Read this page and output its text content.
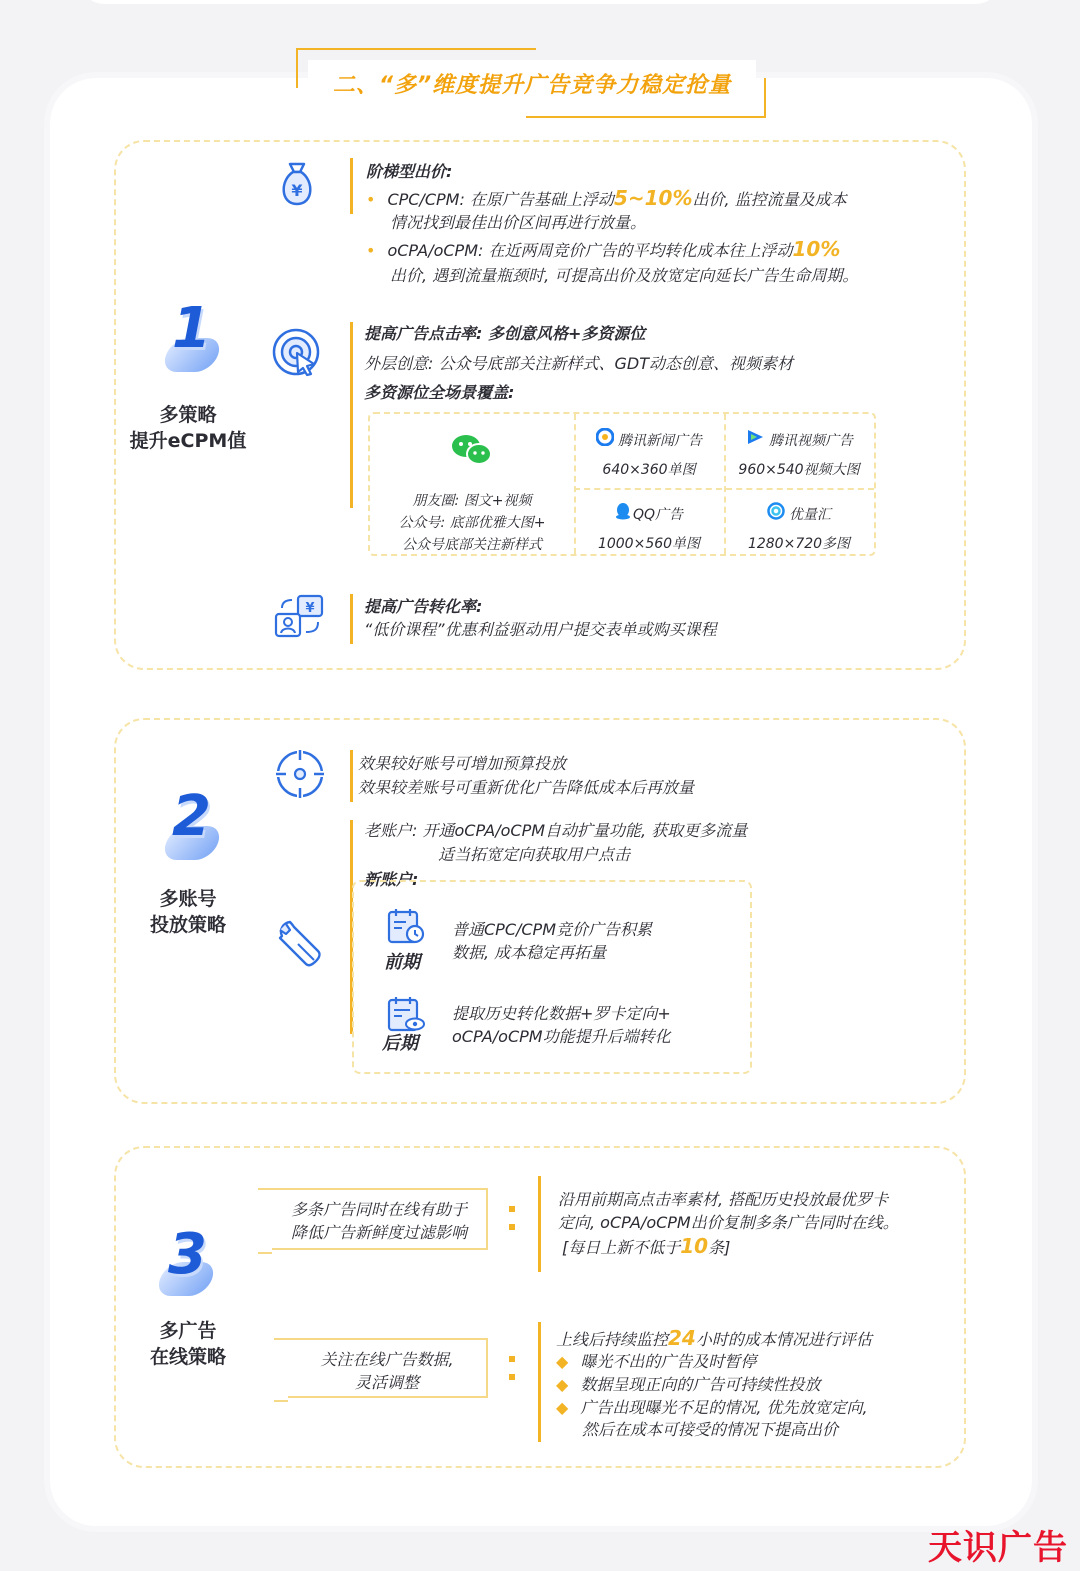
二、“多”维度提升广告竞争力稳定抢量
1
多策略
提升eCPM值
¥
阶梯型出价:
• CPC/CPM: 在原广告基础上浮动5~10%出价, 监控流量及成本
情况找到最佳出价区间再进行放量。
• oCPA/oCPM: 在近两周竞价广告的平均转化成本往上浮动10%
出价, 遇到流量瓶颈时, 可提高出价及放宽定向延长广告生命周期。
提高广告点击率: 多创意风格+多资源位
外层创意: 公众号底部关注新样式、GDT动态创意、视频素材
多资源位全场景覆盖:
朋友圈: 图文+视频
公众号: 底部优雅大图+
公众号底部关注新样式
腾讯新闻广告
640×360单图
腾讯视频广告
960×540视频大图
QQ广告
1000×560单图
优量汇
1280×720多图
¥	提高广告转化率:
“低价课程”优惠利益驱动用户提交表单或购买课程
2
多账号
投放策略
效果较好账号可增加预算投放
效果较差账号可重新优化广告降低成本后再放量
老账户: 开通oCPA/oCPM自动扩量功能, 获取更多流量
适当拓宽定向获取用户点击
新账户:
前期
普通CPC/CPM竞价广告积累
数据, 成本稳定再拓量
后期
提取历史转化数据+罗卡定向+
oCPA/oCPM功能提升后端转化
3
多广告
在线策略
多条广告同时在线有助于
降低广告新鲜度过滤影响
沿用前期高点击率素材, 搭配历史投放最优罗卡
定向, oCPA/oCPM出价复制多条广告同时在线。
[每日上新不低于10条]
关注在线广告数据,
灵活调整
上线后持续监控24小时的成本情况进行评估
◆ 曝光不出的广告及时暂停
◆ 数据呈现正向的广告可持续性投放
◆ 广告出现曝光不足的情况, 优先放宽定向,
然后在成本可接受的情况下提高出价
天识广告
